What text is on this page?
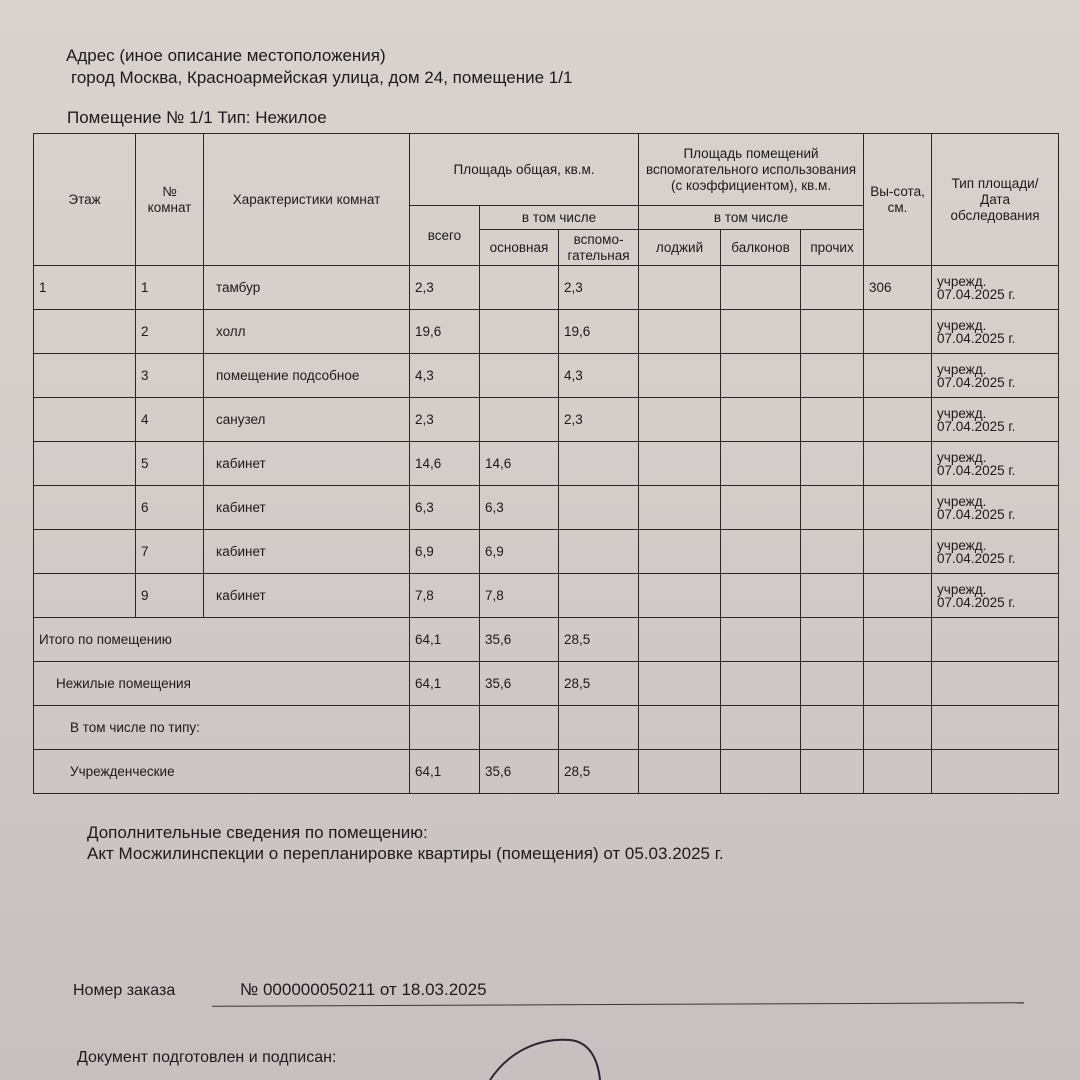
Адрес (иное описание местоположения)
город Москва, Красноармейская улица, дом 24, помещение 1/1
Помещение № 1/1 Тип: Нежилое
Этаж	№ комнат	Характеристики комнат	Площадь общая, кв.м.			Площадь помещений вспомогательного использования (с коэффициентом), кв.м.			Вы-сота, см.	Тип площади/ Дата обследования
			всего	в том числе		в том числе				
				основная	вспомо-гательная	лоджий	балконов	прочих		
1	1	тамбур	2,3		2,3				306	учрежд.
07.04.2025 г.

	2	холл	19,6		19,6					учрежд.
07.04.2025 г.

	3	помещение подсобное	4,3		4,3					учрежд.
07.04.2025 г.

	4	санузел	2,3		2,3					учрежд.
07.04.2025 г.

	5	кабинет	14,6	14,6						учрежд.
07.04.2025 г.

	6	кабинет	6,3	6,3						учрежд.
07.04.2025 г.

	7	кабинет	6,9	6,9						учрежд.
07.04.2025 г.

	9	кабинет	7,8	7,8						учрежд.
07.04.2025 г.

Итого по помещению			64,1	35,6	28,5					
Нежилые помещения			64,1	35,6	28,5					
В том числе по типу:										
Учрежденческие			64,1	35,6	28,5					
Дополнительные сведения по помещению:
Акт Мосжилинспекции о перепланировке квартиры (помещения) от 05.03.2025 г.
Номер заказа	№ 000000050211 от 18.03.2025
Документ подготовлен и подписан:
